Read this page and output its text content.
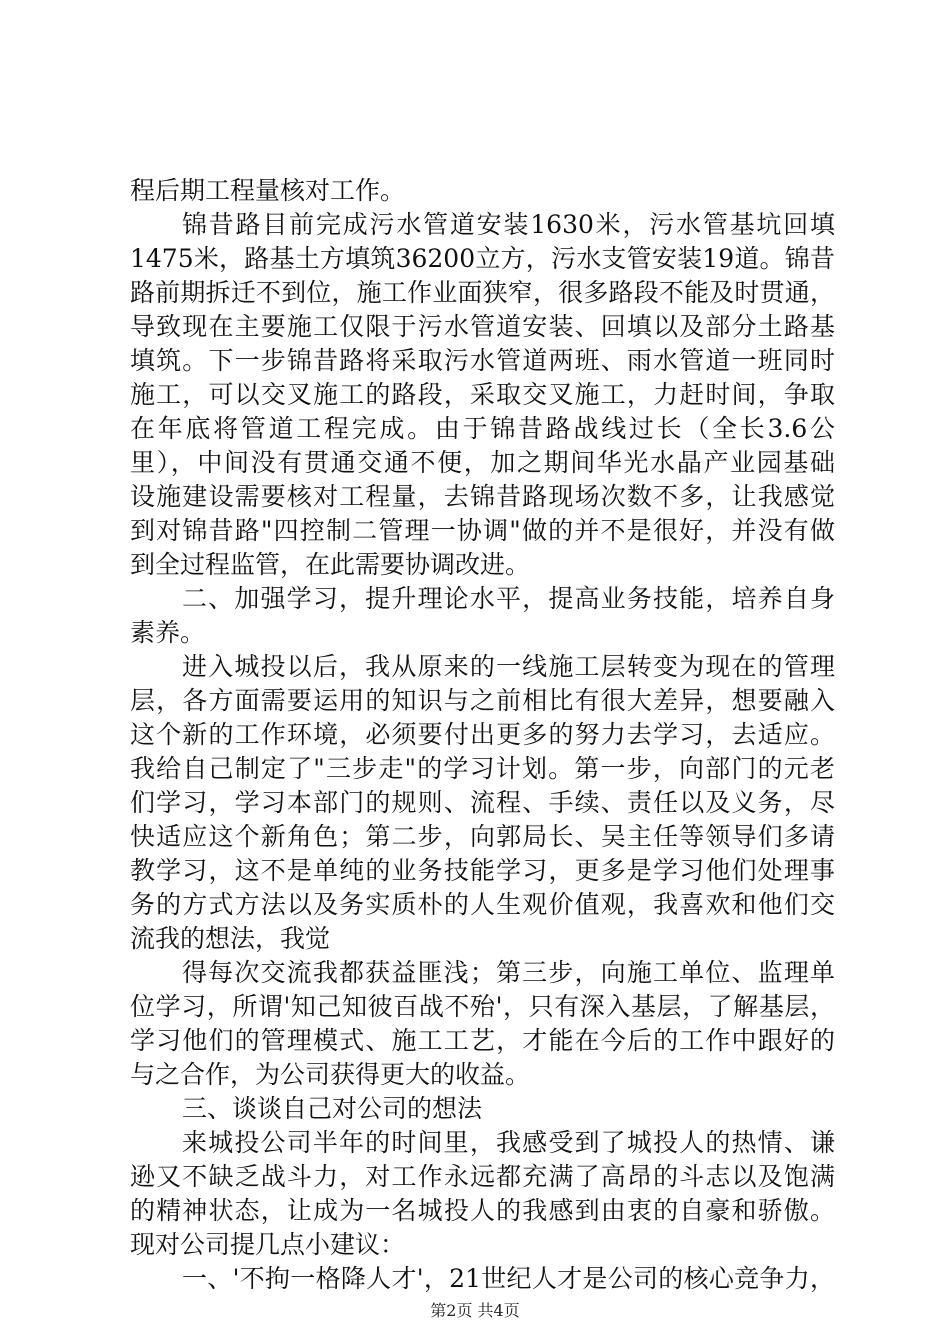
程后期工程量核对工作。
锦昔路目前完成污水管道安装1630米，污水管基坑回填
1475米，路基土方填筑36200立方，污水支管安装19道。锦昔
路前期拆迁不到位，施工作业面狭窄，很多路段不能及时贯通，
导致现在主要施工仅限于污水管道安装、回填以及部分土路基
填筑。下一步锦昔路将采取污水管道两班、雨水管道一班同时
施工，可以交叉施工的路段，采取交叉施工，力赶时间，争取
在年底将管道工程完成。由于锦昔路战线过长（全长3.6公
里），中间没有贯通交通不便，加之期间华光水晶产业园基础
设施建设需要核对工程量，去锦昔路现场次数不多，让我感觉
到对锦昔路"四控制二管理一协调"做的并不是很好，并没有做
到全过程监管，在此需要协调改进。
二、加强学习，提升理论水平，提高业务技能，培养自身
素养。
进入城投以后，我从原来的一线施工层转变为现在的管理
层，各方面需要运用的知识与之前相比有很大差异，想要融入
这个新的工作环境，必须要付出更多的努力去学习，去适应。
我给自己制定了"三步走"的学习计划。第一步，向部门的元老
们学习，学习本部门的规则、流程、手续、责任以及义务，尽
快适应这个新角色；第二步，向郭局长、吴主任等领导们多请
教学习，这不是单纯的业务技能学习，更多是学习他们处理事
务的方式方法以及务实质朴的人生观价值观，我喜欢和他们交
流我的想法，我觉
得每次交流我都获益匪浅；第三步，向施工单位、监理单
位学习，所谓'知己知彼百战不殆'，只有深入基层，了解基层，
学习他们的管理模式、施工工艺，才能在今后的工作中跟好的
与之合作，为公司获得更大的收益。
三、谈谈自己对公司的想法
来城投公司半年的时间里，我感受到了城投人的热情、谦
逊又不缺乏战斗力，对工作永远都充满了高昂的斗志以及饱满
的精神状态，让成为一名城投人的我感到由衷的自豪和骄傲。
现对公司提几点小建议：
一、'不拘一格降人才'，21世纪人才是公司的核心竞争力，
第2页 共4页
